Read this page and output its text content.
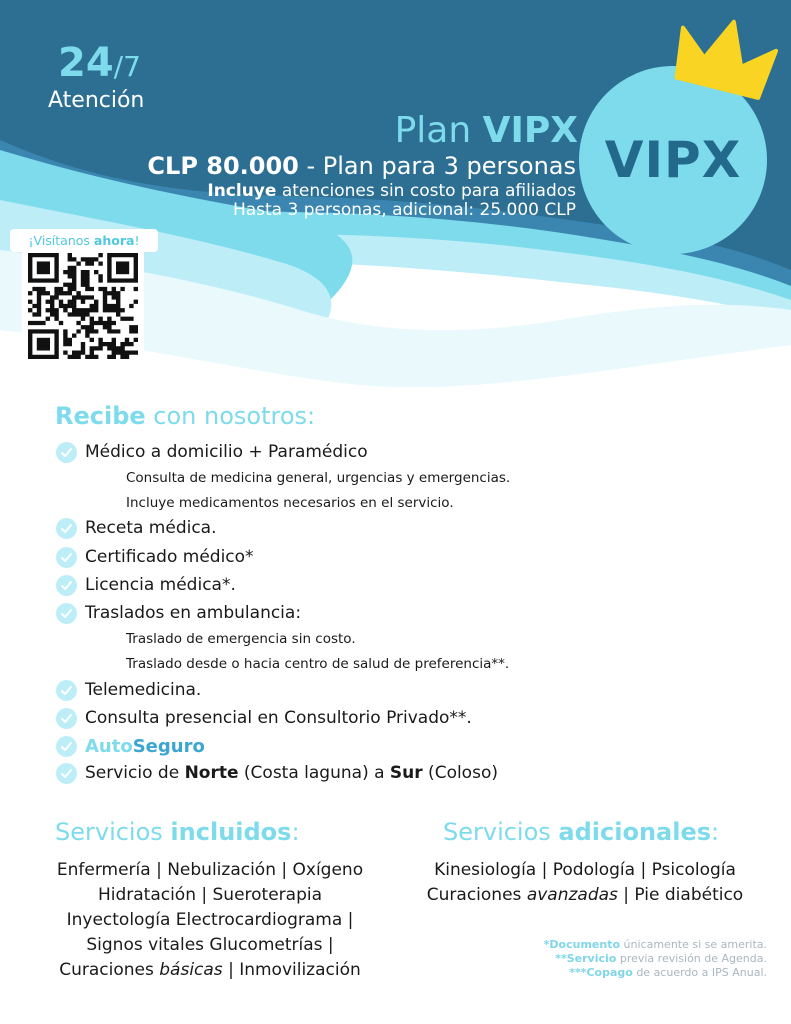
24/7
Atención
Plan VIPX
CLP 80.000 - Plan para 3 personas
Incluye atenciones sin costo para afiliados
Hasta 3 personas, adicional: 25.000 CLP
VIPX
¡Visítanos ahora!
Recibe con nosotros:
Médico a domicilio + Paramédico
Consulta de medicina general, urgencias y emergencias.
Incluye medicamentos necesarios en el servicio.
Receta médica.
Certificado médico*
Licencia médica*.
Traslados en ambulancia:
Traslado de emergencia sin costo.
Traslado desde o hacia centro de salud de preferencia**.
Telemedicina.
Consulta presencial en Consultorio Privado**.
AutoSeguro
Servicio de Norte (Costa laguna) a Sur (Coloso)
Servicios incluidos:
Enfermería | Nebulización | Oxígeno
Hidratación | Sueroterapia
Inyectología Electrocardiograma |
Signos vitales Glucometrías |
Curaciones básicas | Inmovilización
Servicios adicionales:
Kinesiología | Podología | Psicología
Curaciones avanzadas | Pie diabético
*Documento únicamente si se amerita.
**Servicio previa revisión de Agenda.
***Copago de acuerdo a IPS Anual.
